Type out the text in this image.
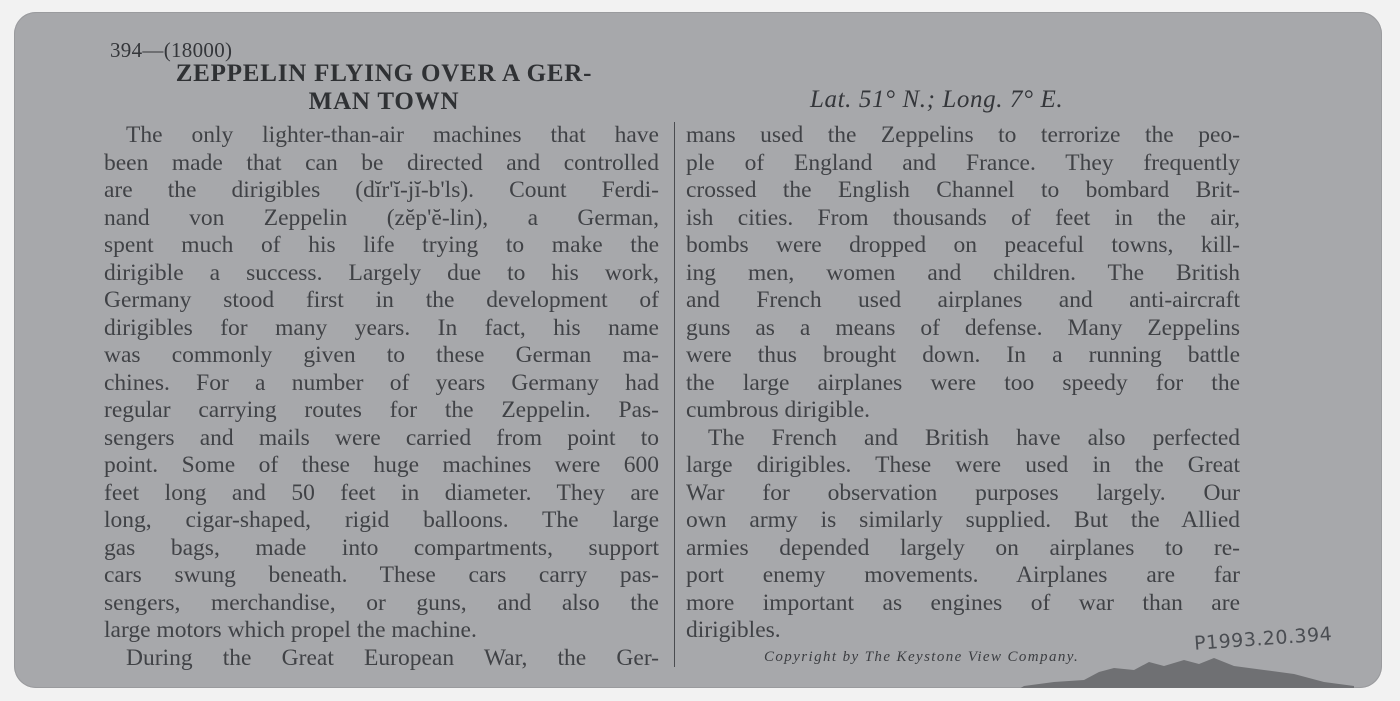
394—(18000)
ZEPPELIN FLYING OVER A GER-
MAN TOWN	Lat. 51° N.; Long. 7° E.
The only lighter-than-air machines that have
been made that can be directed and controlled
are the dirigibles (dĭr'ĭ-jĭ-b'ls). Count Ferdi-
nand von Zeppelin (zĕp'ĕ-lin), a German,
spent much of his life trying to make the
dirigible a success. Largely due to his work,
Germany stood first in the development of
dirigibles for many years. In fact, his name
was commonly given to these German ma-
chines. For a number of years Germany had
regular carrying routes for the Zeppelin. Pas-
sengers and mails were carried from point to
point. Some of these huge machines were 600
feet long and 50 feet in diameter. They are
long, cigar-shaped, rigid balloons. The large
gas bags, made into compartments, support
cars swung beneath. These cars carry pas-
sengers, merchandise, or guns, and also the
large motors which propel the machine.
During the Great European War, the Ger-
mans used the Zeppelins to terrorize the peo-
ple of England and France. They frequently
crossed the English Channel to bombard Brit-
ish cities. From thousands of feet in the air,
bombs were dropped on peaceful towns, kill-
ing men, women and children. The British
and French used airplanes and anti-aircraft
guns as a means of defense. Many Zeppelins
were thus brought down. In a running battle
the large airplanes were too speedy for the
cumbrous dirigible.
The French and British have also perfected
large dirigibles. These were used in the Great
War for observation purposes largely. Our
own army is similarly supplied. But the Allied
armies depended largely on airplanes to re-
port enemy movements. Airplanes are far
more important as engines of war than are
dirigibles.
Copyright by The Keystone View Company.
P1993.20.394
